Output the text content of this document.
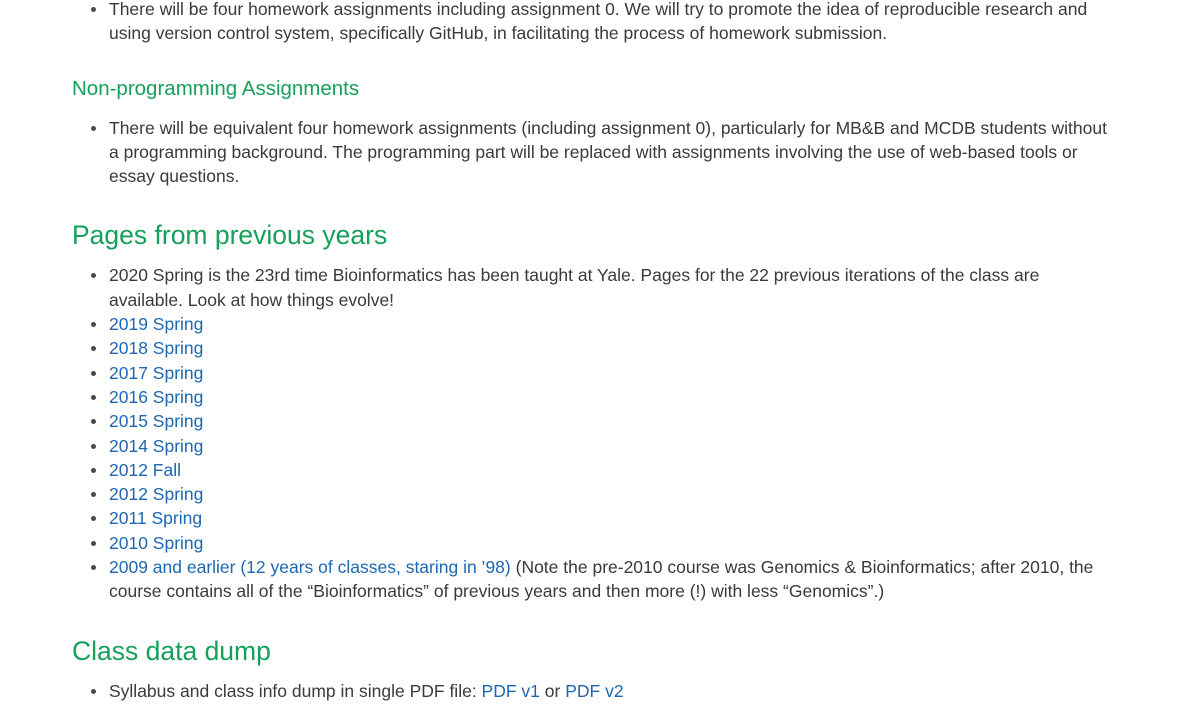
There will be four homework assignments including assignment 0. We will try to promote the idea of reproducible research and using version control system, specifically GitHub, in facilitating the process of homework submission.
Non-programming Assignments
There will be equivalent four homework assignments (including assignment 0), particularly for MB&B and MCDB students without a programming background. The programming part will be replaced with assignments involving the use of web-based tools or essay questions.
Pages from previous years
2020 Spring is the 23rd time Bioinformatics has been taught at Yale. Pages for the 22 previous iterations of the class are available. Look at how things evolve!
2019 Spring
2018 Spring
2017 Spring
2016 Spring
2015 Spring
2014 Spring
2012 Fall
2012 Spring
2011 Spring
2010 Spring
2009 and earlier (12 years of classes, staring in ’98) (Note the pre-2010 course was Genomics & Bioinformatics; after 2010, the course contains all of the “Bioinformatics” of previous years and then more (!) with less “Genomics”.)
Class data dump
Syllabus and class info dump in single PDF file: PDF v1 or PDF v2
